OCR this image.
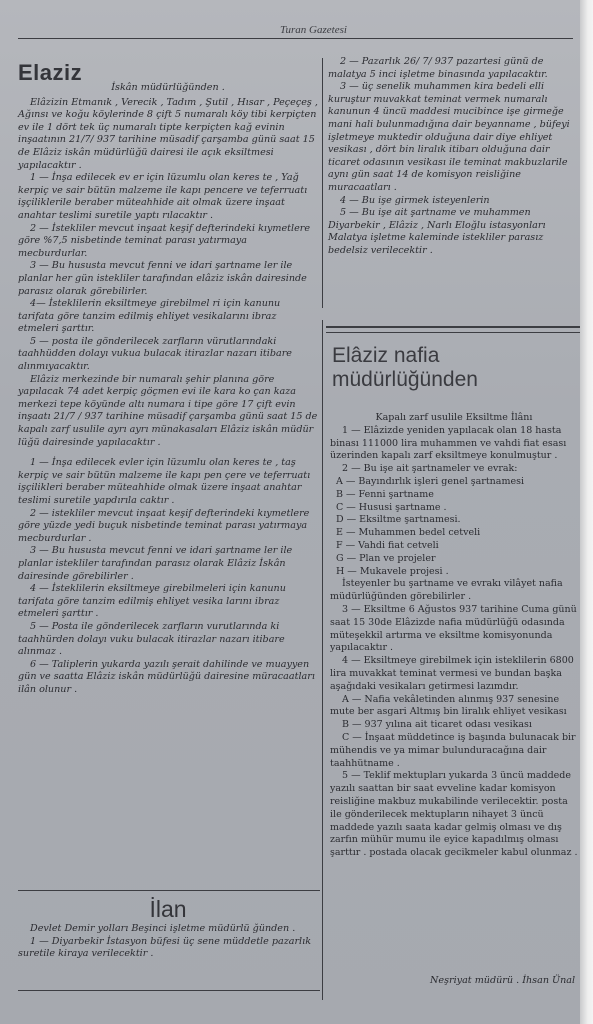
Turan Gazetesi
Elaziz
İskân müdürlüğünden .

Elâzizin Etmanık , Verecik , Tadım , Şutil , Hısar , Peçeçeş , Ağınsı ve koğu köylerinde 8 çift 5 numaralı köy tibi kerpiçten ev ile 1 dört tek üç numaralı tipte kerpiçten kağ evinin inşaatının 21/7/ 937 tarihine müsadif çarşamba günü saat 15 de Elâziz iskân müdürlüğü dairesi ile açık eksiltmesi yapılacaktır .

1 — İnşa edilecek ev er için lüzumlu olan keres te , Yağ kerpiç ve sair bütün malzeme ile kapı pencere ve teferruatı işçiliklerile beraber müteahhide ait olmak üzere inşaat anahtar teslimi suretile yaptı rılacaktır .

2 — İstekliler mevcut inşaat keşif defterindeki kıymetlere göre %7,5 nisbetinde teminat parası yatırmaya mecburdurlar.

3 — Bu hususta mevcut fenni ve idari şartname ler ile planlar her gün istekliler tarafından elâziz iskân dairesinde parasız olarak görebilirler.

4— İsteklilerin eksiltmeye girebilmel ri için kanunu tarifata göre tanzim edilmiş ehliyet vesikalarını ibraz etmeleri şarttır.

5 — posta ile gönderilecek zarfların vürutlarındaki taahhüdden dolayı vukua bulacak itirazlar nazarı itibare alınmıyacaktır.

Elâziz merkezinde bir numaralı şehir planına göre yapılacak 74 adet kerpiç göçmen evi ile kara ko çan kaza merkezi tepe köyünde altı numara i tipe göre 17 çift evin inşaatı 21/7 / 937 tarihine müsadif çarşamba günü saat 15 de kapalı zarf usulile ayrı ayrı münakasaları Elâziz iskân müdür lüğü dairesinde yapılacaktır .

1 — İnşa edilecek evler için lüzumlu olan keres te , taş kerpiç ve sair bütün malzeme ile kapı pen çere ve teferruatı işçilikleri beraber müteahhide olmak üzere inşaat anahtar teslimi suretile yapdırıla caktır .

2 — istekliler mevcut inşaat keşif defterindeki kıymetlere göre yüzde yedi buçuk nisbetinde teminat parası yatırmaya mecburdurlar .

3 — Bu hususta mevcut fenni ve idari şartname ler ile planlar istekliler tarafından parasız olarak Elâziz İskân dairesinde görebilirler .

4 — İsteklilerin eksiltmeye girebilmeleri için kanunu tarifata göre tanzim edilmiş ehliyet vesika larını ibraz etmeleri şarttır .

5 — Posta ile gönderilecek zarfların vurutlarında ki taahhürden dolayı vuku bulacak itirazlar nazarı itibare alınmaz .

6 — Taliplerin yukarda yazılı şerait dahilinde ve muayyen gün ve saatta Elâziz iskân müdürlüğü dairesine müracaatları ilân olunur .

İlan

Devlet Demir yolları Beşinci işletme müdürlü ğünden .

1 — Diyarbekir İstasyon büfesi üç sene müddetle pazarlık suretile kiraya verilecektir .

2 — Pazarlık 26/ 7/ 937 pazartesi günü de malatya 5 inci işletme binasında yapılacaktır.

3 — üç senelik muhammen kira bedeli elli kuruştur muvakkat teminat vermek numaralı kanunun 4 üncü maddesi mucibince işe girmeğe mani hali bulunmadığına dair beyanname , büfeyi işletmeye muktedir olduğuna dair diye ehliyet vesikası , dört bin liralık itibarı olduğuna dair ticaret odasının vesikası ile teminat makbuzlarile aynı gün saat 14 de komisyon reisliğine muracaatları .

4 — Bu işe girmek isteyenlerin

5 — Bu işe ait şartname ve muhammen Diyarbekir , Elâziz , Narlı Eloğlu istasyonları Malatya işletme kaleminde istekliler parasız bedelsiz verilecektir .

Elâziz nafia müdürlüğünden

Kapalı zarf usulile Eksiltme İlânı

1 — Elâzizde yeniden yapılacak olan 18 hasta binası 111000 lira muhammen ve vahdi fiat esası üzerinden kapalı zarf eksiltmeye konulmuştur .

2 — Bu işe ait şartnameler ve evrak:

A — Bayındırlık işleri genel şartnamesi

B — Fenni şartname

C — Hususi şartname .

D — Eksiltme şartnamesi.

E — Muhammen bedel cetveli

F — Vahdi fiat cetveli

G — Plan ve projeler

H — Mukavele projesi .

İsteyenler bu şartname ve evrakı vilâyet nafia müdürlüğünden görebilirler .

3 — Eksiltme 6 Ağustos 937 tarihine Cuma günü saat 15 30de Elâzizde nafia müdürlüğü odasında müteşekkil artırma ve eksiltme komisyonunda yapılacaktır .

4 — Eksiltmeye girebilmek için isteklilerin 6800 lira muvakkat teminat vermesi ve bundan başka aşağıdaki vesikaları getirmesi lazımdır.

A — Nafia vekâletinden alınmış 937 senesine mute ber asgari Altmış bin liralık ehliyet vesikası

B — 937 yılına ait ticaret odası vesikası

C — İnşaat müddetince iş başında bulunacak bir mühendis ve ya mimar bulunduracağına dair taahhütname .

5 — Teklif mektupları yukarda 3 üncü maddede yazılı saattan bir saat evveline kadar komisyon reisliğine makbuz mukabilinde verilecektir. posta ile gönderilecek mektupların nihayet 3 üncü maddede yazılı saata kadar gelmiş olması ve dış zarfın mühür mumu ile eyice kapadılmış olması şarttır . postada olacak gecikmeler kabul olunmaz .

Neşriyat müdürü . İhsan Ünal
